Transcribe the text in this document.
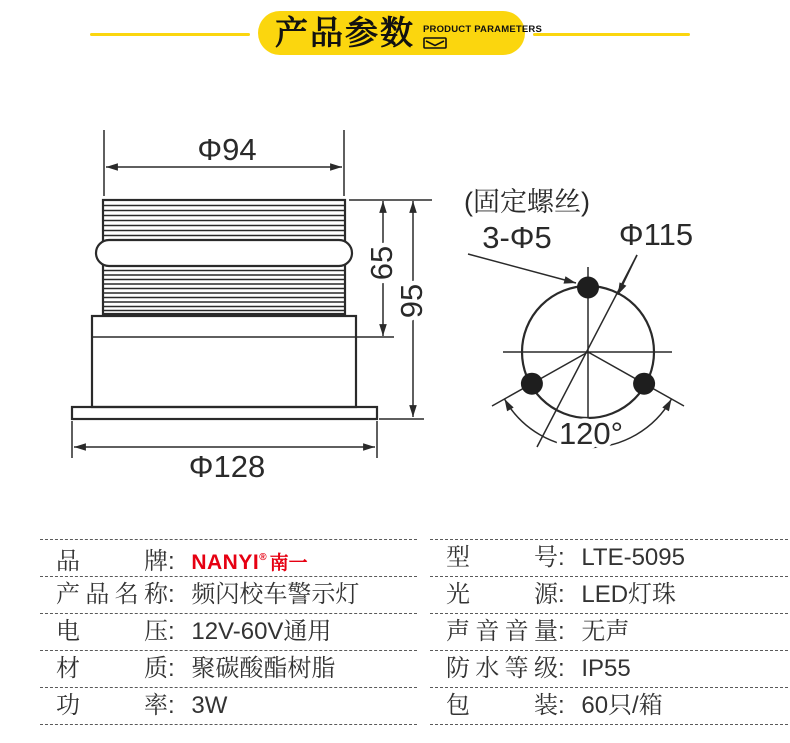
产品参数 PRODUCT PARAMETERS
Φ94
65
95
Φ128
(固定螺丝)
3-Φ5 Φ115
120°
品牌: NANYI® 南一
产品名称: 频闪校车警示灯
电压: 12V-60V通用
材质: 聚碳酸酯树脂
功率: 3W
型号: LTE-5095
光源: LED灯珠
声音音量: 无声
防水等级: IP55
包装: 60只/箱
